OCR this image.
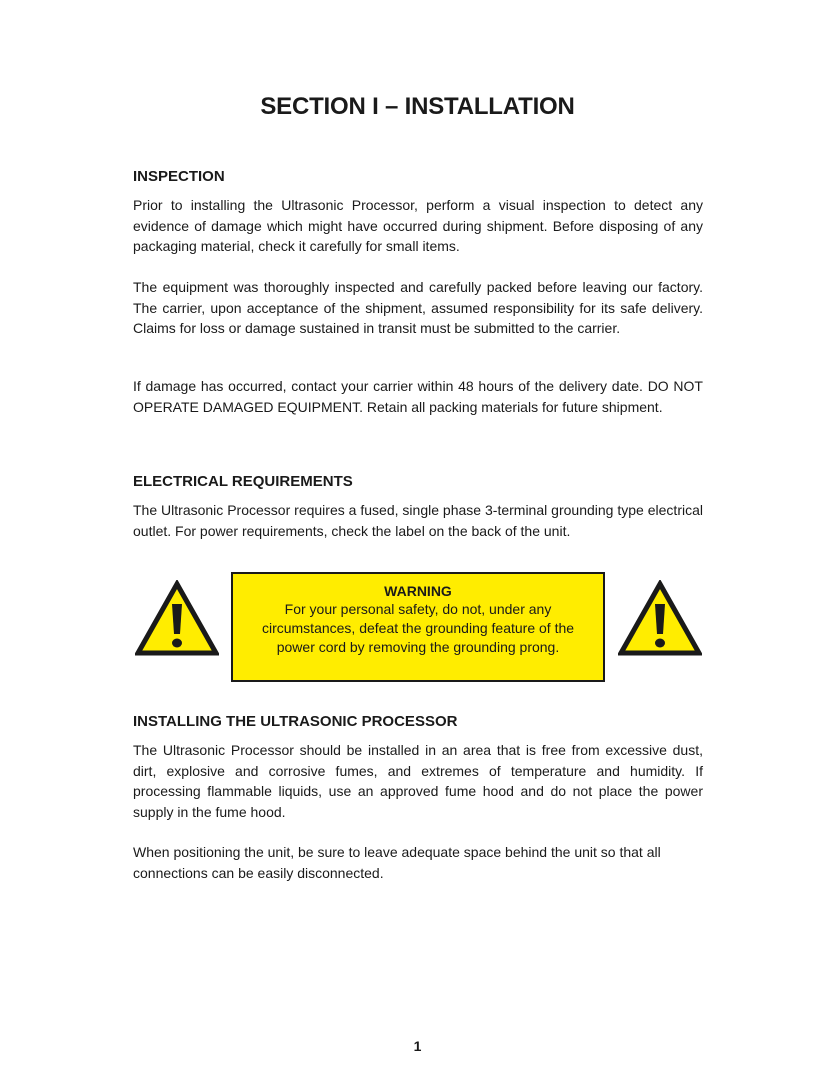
SECTION I – INSTALLATION
INSPECTION

Prior to installing the Ultrasonic Processor, perform a visual inspection to detect any evidence of damage which might have occurred during shipment. Before disposing of any packaging material, check it carefully for small items.

The equipment was thoroughly inspected and carefully packed before leaving our factory. The carrier, upon acceptance of the shipment, assumed responsibility for its safe delivery. Claims for loss or damage sustained in transit must be submitted to the carrier.

If damage has occurred, contact your carrier within 48 hours of the delivery date. DO NOT OPERATE DAMAGED EQUIPMENT. Retain all packing materials for future shipment.

ELECTRICAL REQUIREMENTS

The Ultrasonic Processor requires a fused, single phase 3-terminal grounding type electrical outlet. For power requirements, check the label on the back of the unit.

WARNING
For your personal safety, do not, under any circumstances, defeat the grounding feature of the power cord by removing the grounding prong.
INSTALLING THE ULTRASONIC PROCESSOR

The Ultrasonic Processor should be installed in an area that is free from excessive dust, dirt, explosive and corrosive fumes, and extremes of temperature and humidity. If processing flammable liquids, use an approved fume hood and do not place the power supply in the fume hood.

When positioning the unit, be sure to leave adequate space behind the unit so that all connections can be easily disconnected.

1
